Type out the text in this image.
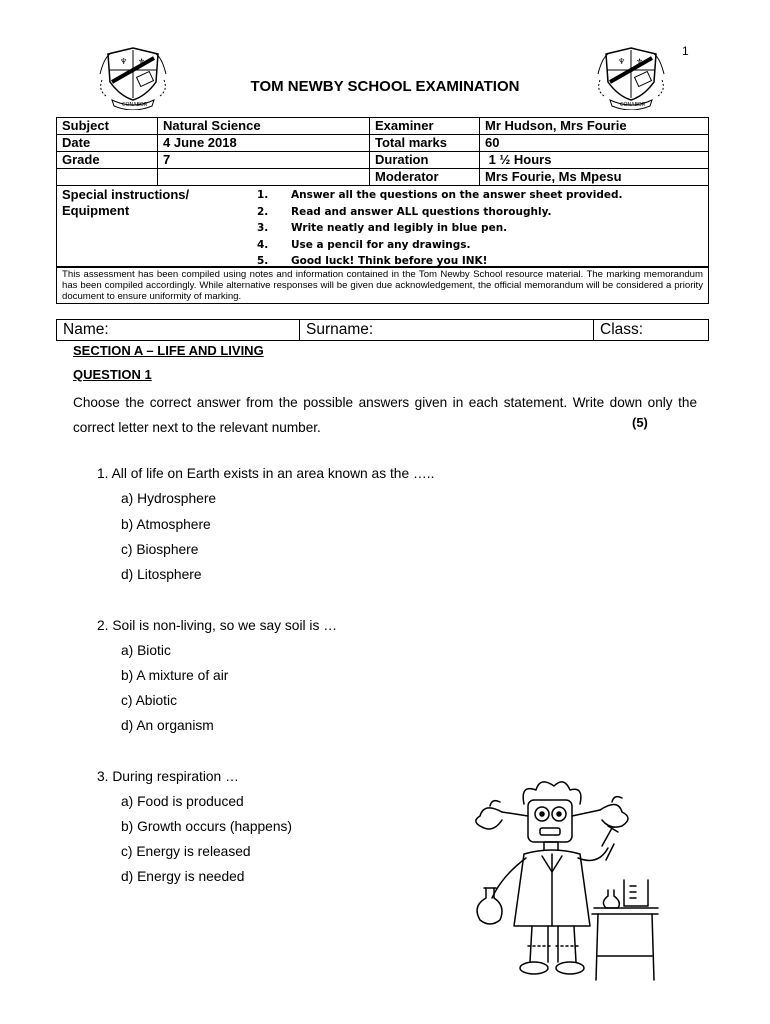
1
♆ ⚜
CONABOR
♆ ⚜
CONABOR
TOM NEWBY SCHOOL EXAMINATION
Subject	Natural Science	Examiner	Mr Hudson, Mrs Fourie
Date	4 June 2018	Total marks	60
Grade	7	Duration	1 ½ Hours
		Moderator	Mrs Fourie, Ms Mpesu
Special instructions/ Equipment
1. Answer all the questions on the answer sheet provided.
2. Read and answer ALL questions thoroughly.
3. Write neatly and legibly in blue pen.
4. Use a pencil for any drawings.
5. Good luck! Think before you INK!
This assessment has been compiled using notes and information contained in the Tom Newby School resource material. The marking memorandum has been compiled accordingly. While alternative responses will be given due acknowledgement, the official memorandum will be considered a priority document to ensure uniformity of marking.
Name:	Surname:	Class:
SECTION A – LIFE AND LIVING
QUESTION 1
Choose the correct answer from the possible answers given in each statement. Write down only the correct letter next to the relevant number.	(5)
1. All of life on Earth exists in an area known as the …..
a) Hydrosphere
b) Atmosphere
c) Biosphere
d) Litosphere
2. Soil is non-living, so we say soil is …
a) Biotic
b) A mixture of air
c) Abiotic
d) An organism
3. During respiration …
a) Food is produced
b) Growth occurs (happens)
c) Energy is released
d) Energy is needed
